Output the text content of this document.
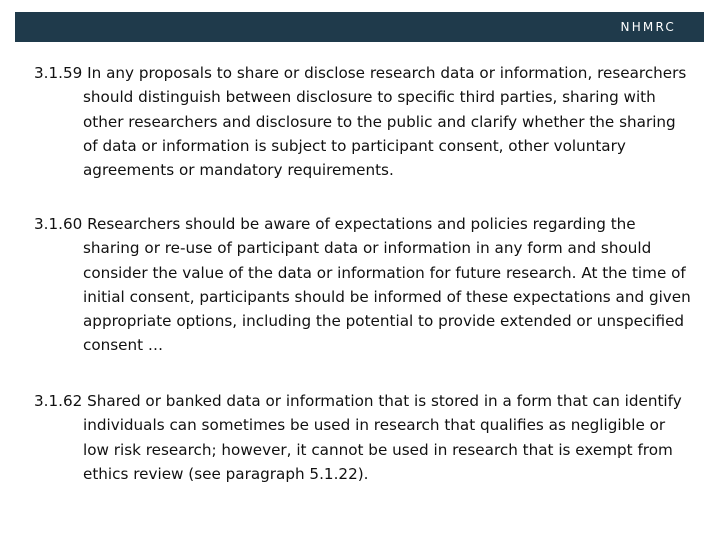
NHMRC

3.1.59 In any proposals to share or disclose research data or information, researchers should distinguish between disclosure to specific third parties, sharing with other researchers and disclosure to the public and clarify whether the sharing of data or information is subject to participant consent, other voluntary agreements or mandatory requirements.

3.1.60 Researchers should be aware of expectations and policies regarding the sharing or re-use of participant data or information in any form and should consider the value of the data or information for future research. At the time of initial consent, participants should be informed of these expectations and given appropriate options, including the potential to provide extended or unspecified consent …

3.1.62 Shared or banked data or information that is stored in a form that can identify individuals can sometimes be used in research that qualifies as negligible or low risk research; however, it cannot be used in research that is exempt from ethics review (see paragraph 5.1.22).
